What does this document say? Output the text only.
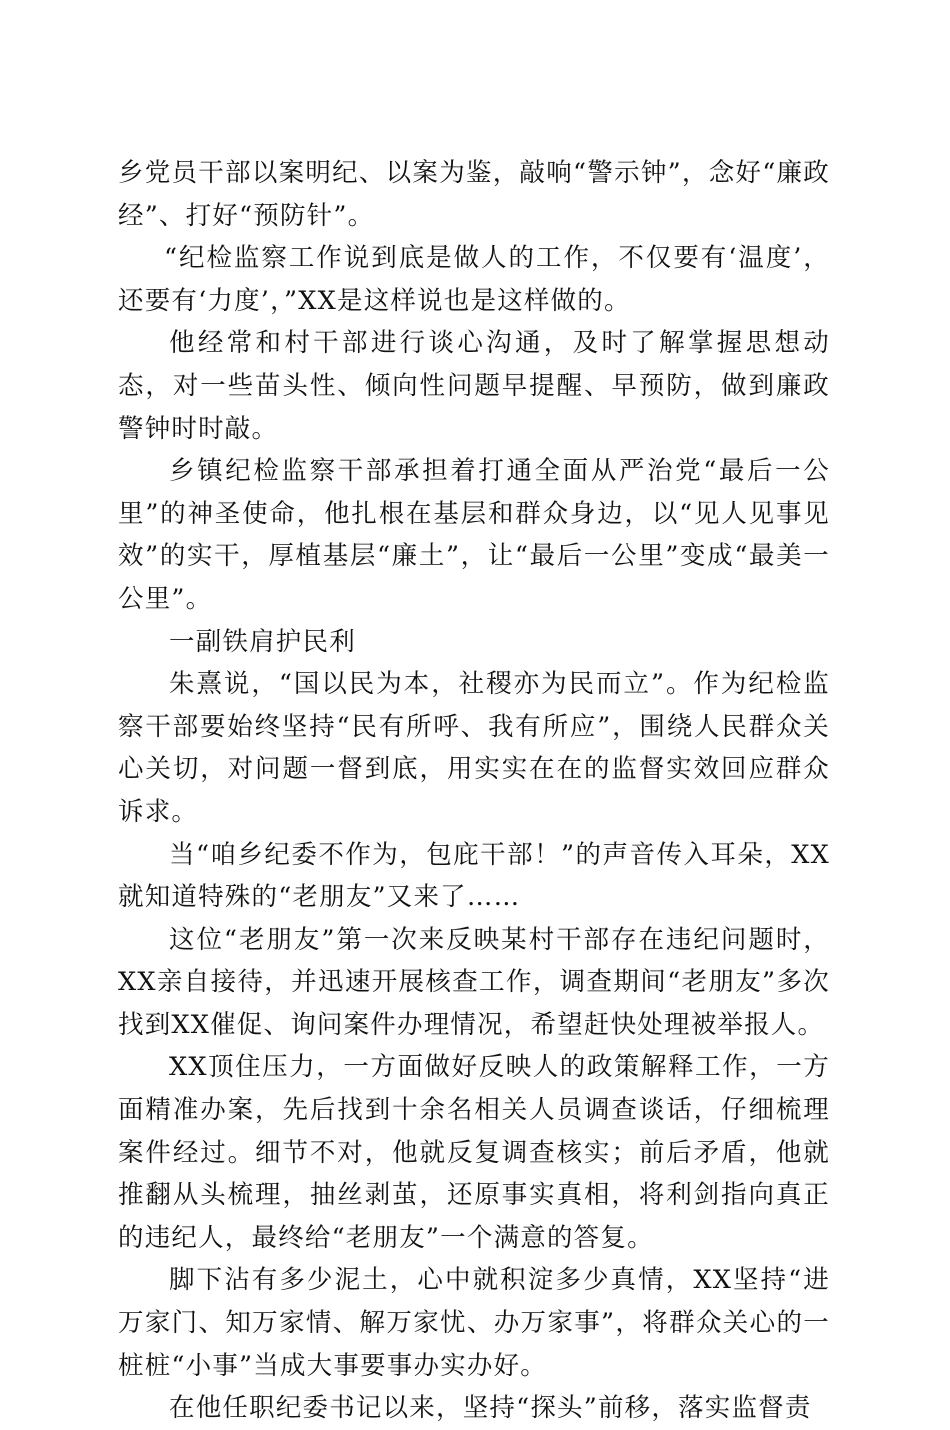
乡党员干部以案明纪、以案为鉴，敲响“警示钟”，念好“廉政经”、打好“预防针”。

“纪检监察工作说到底是做人的工作，不仅要有‘温度’，还要有‘力度’，”XX是这样说也是这样做的。

他经常和村干部进行谈心沟通，及时了解掌握思想动态，对一些苗头性、倾向性问题早提醒、早预防，做到廉政警钟时时敲。

乡镇纪检监察干部承担着打通全面从严治党“最后一公里”的神圣使命，他扎根在基层和群众身边，以“见人见事见效”的实干，厚植基层“廉土”，让“最后一公里”变成“最美一公里”。

一副铁肩护民利

朱熹说，“国以民为本，社稷亦为民而立”。作为纪检监察干部要始终坚持“民有所呼、我有所应”，围绕人民群众关心关切，对问题一督到底，用实实在在的监督实效回应群众诉求。

当“咱乡纪委不作为，包庇干部！”的声音传入耳朵，XX就知道特殊的“老朋友”又来了……

这位“老朋友”第一次来反映某村干部存在违纪问题时，XX亲自接待，并迅速开展核查工作，调查期间“老朋友”多次找到XX催促、询问案件办理情况，希望赶快处理被举报人。

XX顶住压力，一方面做好反映人的政策解释工作，一方面精准办案，先后找到十余名相关人员调查谈话，仔细梳理案件经过。细节不对，他就反复调查核实；前后矛盾，他就推翻从头梳理，抽丝剥茧，还原事实真相，将利剑指向真正的违纪人，最终给“老朋友”一个满意的答复。

脚下沾有多少泥土，心中就积淀多少真情，XX坚持“进万家门、知万家情、解万家忧、办万家事”，将群众关心的一桩桩“小事”当成大事要事办实办好。

在他任职纪委书记以来，坚持“探头”前移，落实监督责
